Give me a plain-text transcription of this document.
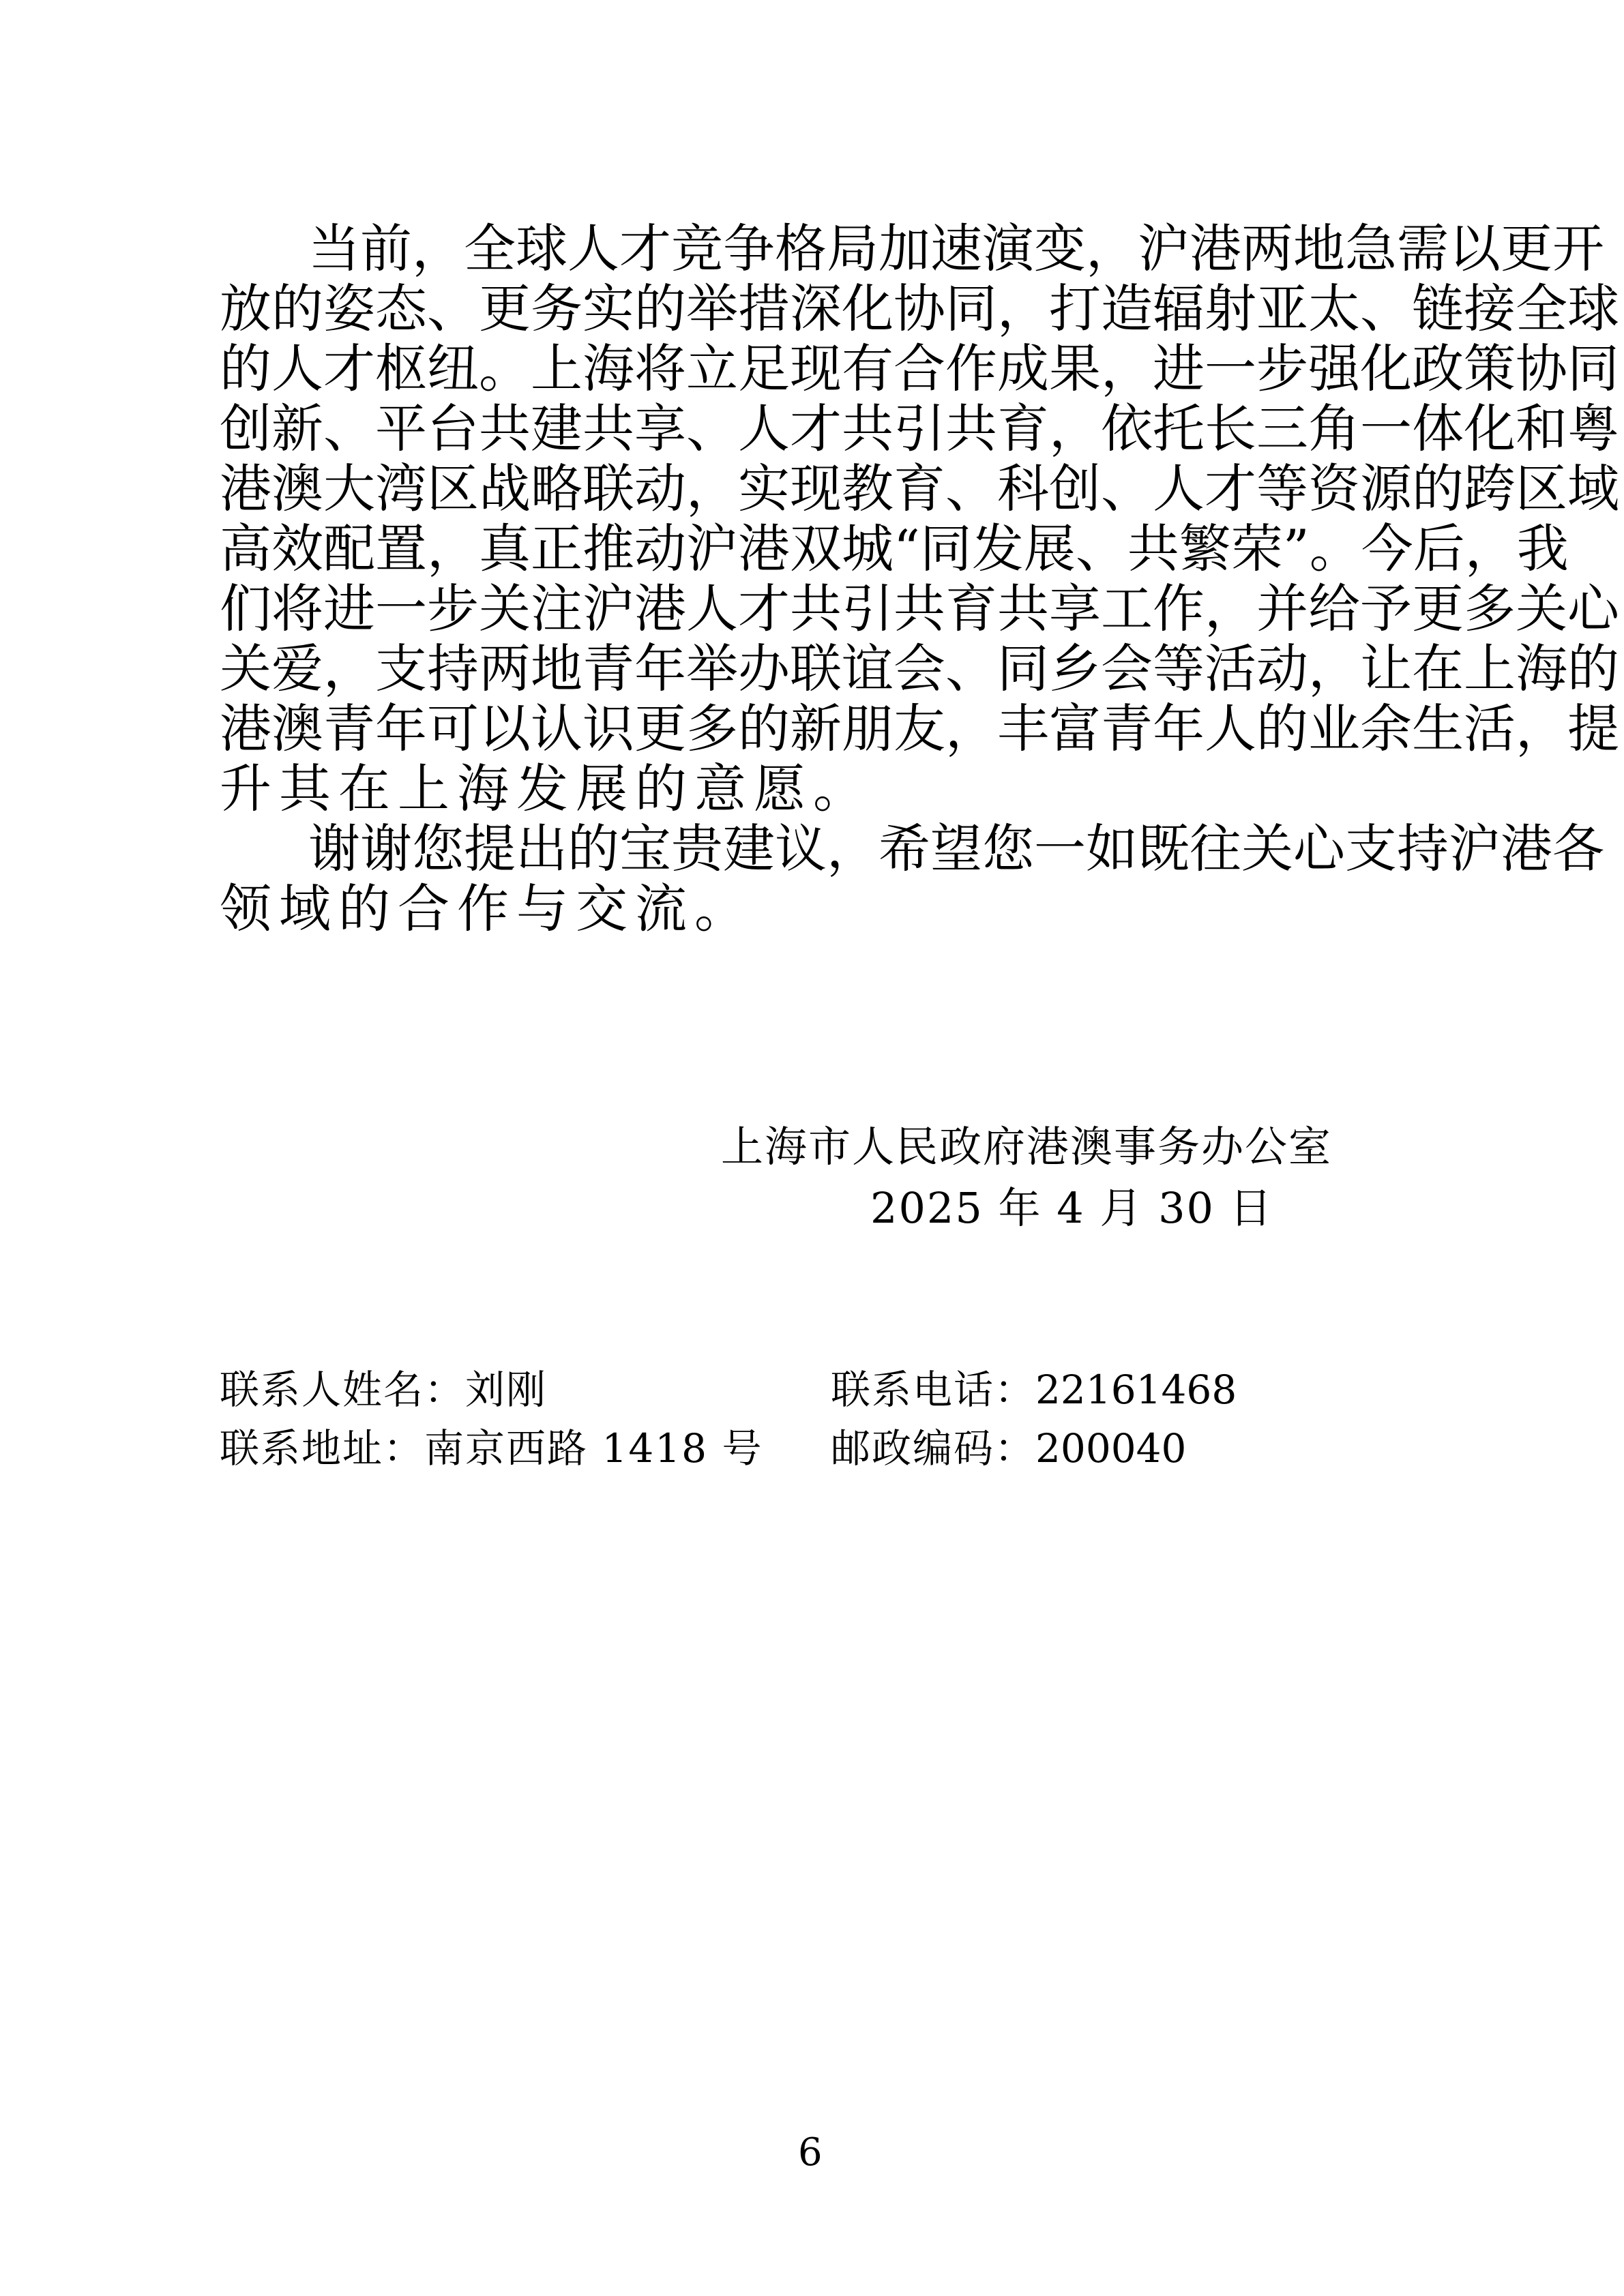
当前，全球人才竞争格局加速演变，沪港两地急需以更开
放的姿态、更务实的举措深化协同，打造辐射亚太、链接全球
的人才枢纽。上海将立足现有合作成果，进一步强化政策协同
创新、平台共建共享、人才共引共育，依托长三角一体化和粤
港澳大湾区战略联动，实现教育、科创、人才等资源的跨区域
高效配置，真正推动沪港双城“同发展、共繁荣”。今后，我
们将进一步关注沪港人才共引共育共享工作，并给予更多关心
关爱，支持两地青年举办联谊会、同乡会等活动，让在上海的
港澳青年可以认识更多的新朋友，丰富青年人的业余生活，提
升其在上海发展的意愿。
谢谢您提出的宝贵建议，希望您一如既往关心支持沪港各
领域的合作与交流。
上海市人民政府港澳事务办公室
2025 年 4 月 30 日
联系人姓名：刘刚	联系电话：22161468
联系地址：南京西路 1418 号 邮政编码：200040
6
